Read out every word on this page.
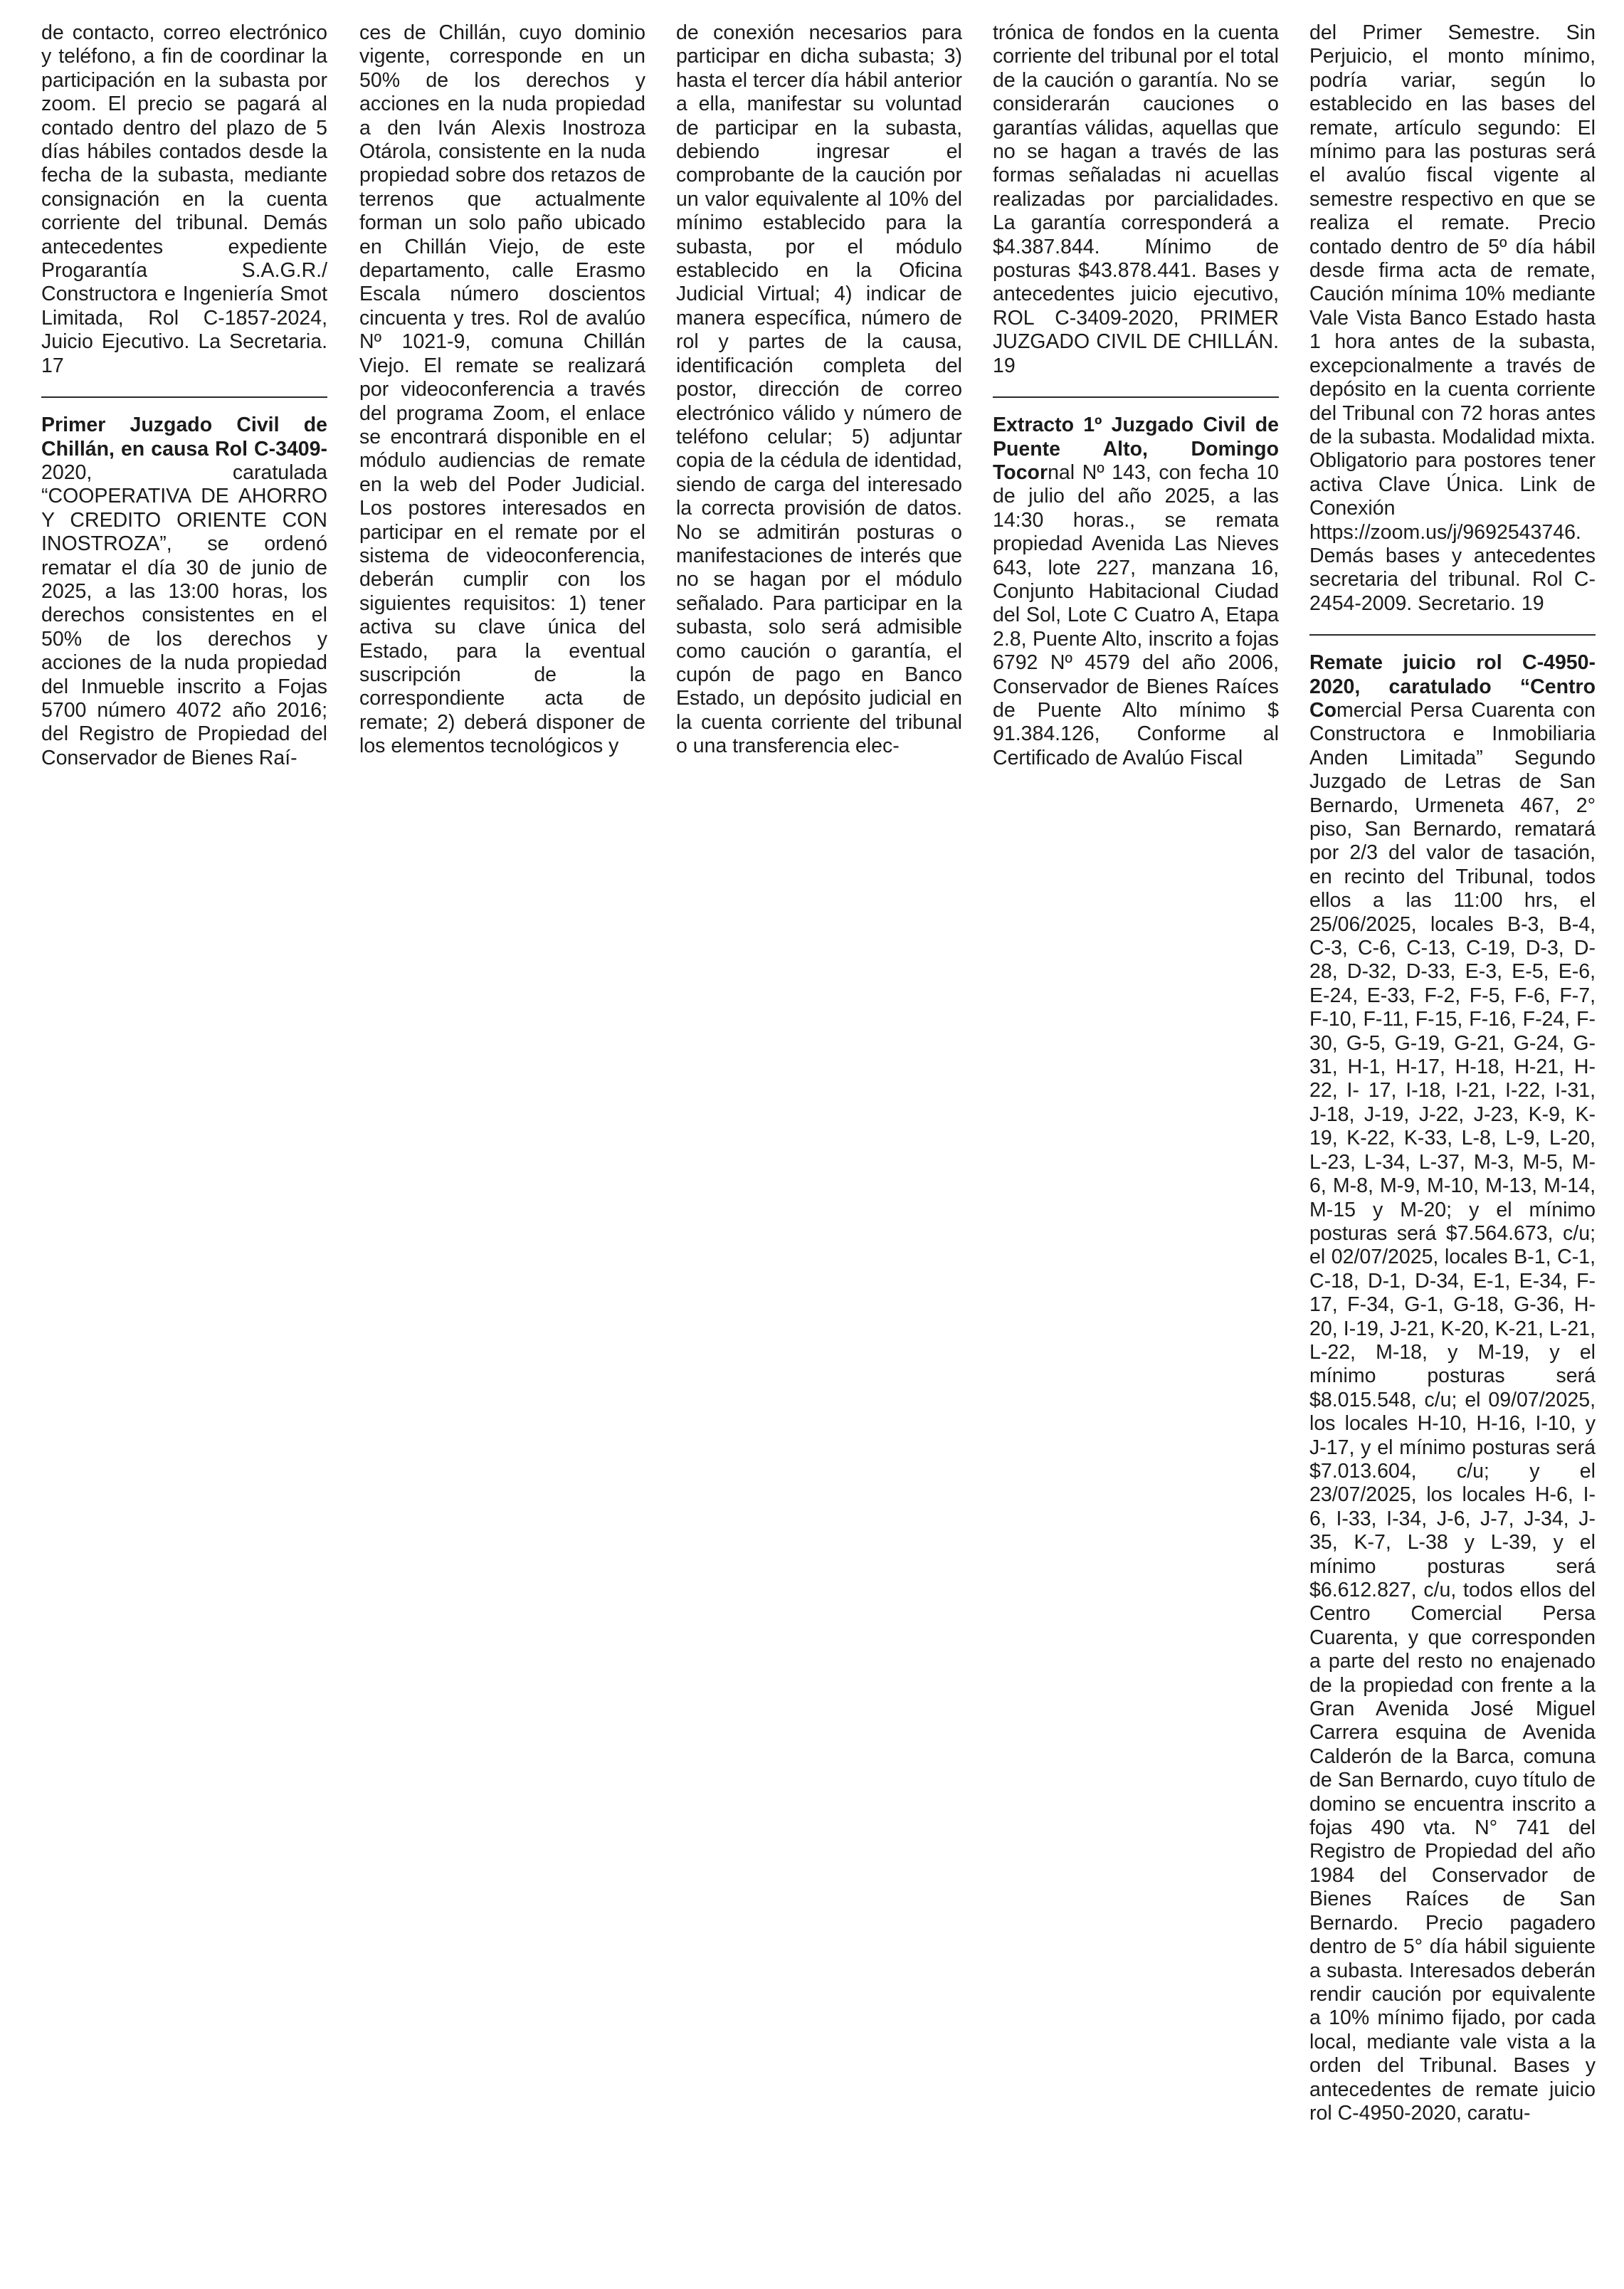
de contacto, correo electrónico y teléfono, a fin de coordinar la participación en la subasta por zoom. El precio se pagará al contado dentro del plazo de 5 días hábiles contados desde la fecha de la subasta, mediante consignación en la cuenta corriente del tribunal. Demás antecedentes expediente Progarantía S.A.G.R./ Constructora e Ingeniería Smot Limitada, Rol C-1857-2024, Juicio Ejecutivo. La Secretaria. 17

Primer Juzgado Civil de Chillán, en causa Rol C-3409-2020, caratulada “COOPERATIVA DE AHORRO Y CREDITO ORIENTE CON INOSTROZA”, se ordenó rematar el día 30 de junio de 2025, a las 13:00 horas, los derechos consistentes en el 50% de los derechos y acciones de la nuda propiedad del Inmueble inscrito a Fojas 5700 número 4072 año 2016; del Registro de Propiedad del Conservador de Bienes Raí-

ces de Chillán, cuyo dominio vigente, corresponde en un 50% de los derechos y acciones en la nuda propiedad a den Iván Alexis Inostroza Otárola, consistente en la nuda propiedad sobre dos retazos de terrenos que actualmente forman un solo paño ubicado en Chillán Viejo, de este departamento, calle Erasmo Escala número doscientos cincuenta y tres. Rol de avalúo Nº 1021-9, comuna Chillán Viejo. El remate se realizará por videoconferencia a través del programa Zoom, el enlace se encontrará disponible en el módulo audiencias de remate en la web del Poder Judicial. Los postores interesados en participar en el remate por el sistema de videoconferencia, deberán cumplir con los siguientes requisitos: 1) tener activa su clave única del Estado, para la eventual suscripción de la correspondiente acta de remate; 2) deberá disponer de los elementos tecnológicos y

de conexión necesarios para participar en dicha subasta; 3) hasta el tercer día hábil anterior a ella, manifestar su voluntad de participar en la subasta, debiendo ingresar el comprobante de la caución por un valor equivalente al 10% del mínimo establecido para la subasta, por el módulo establecido en la Oficina Judicial Virtual; 4) indicar de manera específica, número de rol y partes de la causa, identificación completa del postor, dirección de correo electrónico válido y número de teléfono celular; 5) adjuntar copia de la cédula de identidad, siendo de carga del interesado la correcta provisión de datos. No se admitirán posturas o manifestaciones de interés que no se hagan por el módulo señalado. Para participar en la subasta, solo será admisible como caución o garantía, el cupón de pago en Banco Estado, un depósito judicial en la cuenta corriente del tribunal o una transferencia elec-

trónica de fondos en la cuenta corriente del tribunal por el total de la caución o garantía. No se considerarán cauciones o garantías válidas, aquellas que no se hagan a través de las formas señaladas ni acuellas realizadas por parcialidades. La garantía corresponderá a $4.387.844. Mínimo de posturas $43.878.441. Bases y antecedentes juicio ejecutivo, ROL C-3409-2020, PRIMER JUZGADO CIVIL DE CHILLÁN. 19

Extracto 1º Juzgado Civil de Puente Alto, Domingo Tocornal Nº 143, con fecha 10 de julio del año 2025, a las 14:30 horas., se remata propiedad Avenida Las Nieves 643, lote 227, manzana 16, Conjunto Habitacional Ciudad del Sol, Lote C Cuatro A, Etapa 2.8, Puente Alto, inscrito a fojas 6792 Nº 4579 del año 2006, Conservador de Bienes Raíces de Puente Alto mínimo $ 91.384.126, Conforme al Certificado de Avalúo Fiscal

del Primer Semestre. Sin Perjuicio, el monto mínimo, podría variar, según lo establecido en las bases del remate, artículo segundo: El mínimo para las posturas será el avalúo fiscal vigente al semestre respectivo en que se realiza el remate. Precio contado dentro de 5º día hábil desde firma acta de remate, Caución mínima 10% mediante Vale Vista Banco Estado hasta 1 hora antes de la subasta, excepcionalmente a través de depósito en la cuenta corriente del Tribunal con 72 horas antes de la subasta. Modalidad mixta. Obligatorio para postores tener activa Clave Única. Link de Conexión https://zoom.us/j/9692543746. Demás bases y antecedentes secretaria del tribunal. Rol C-2454-2009. Secretario. 19

Remate juicio rol C-4950-2020, caratulado “Centro Comercial Persa Cuarenta con Constructora e Inmobiliaria Anden Limitada” Segundo Juzgado de Letras de San Bernardo, Urmeneta 467, 2° piso, San Bernardo, rematará por 2/3 del valor de tasación, en recinto del Tribunal, todos ellos a las 11:00 hrs, el 25/06/2025, locales B-3, B-4, C-3, C-6, C-13, C-19, D-3, D-28, D-32, D-33, E-3, E-5, E-6, E-24, E-33, F-2, F-5, F-6, F-7, F-10, F-11, F-15, F-16, F-24, F-30, G-5, G-19, G-21, G-24, G-31, H-1, H-17, H-18, H-21, H-22, I- 17, I-18, I-21, I-22, I-31, J-18, J-19, J-22, J-23, K-9, K-19, K-22, K-33, L-8, L-9, L-20, L-23, L-34, L-37, M-3, M-5, M-6, M-8, M-9, M-10, M-13, M-14, M-15 y M-20; y el mínimo posturas será $7.564.673, c/u; el 02/07/2025, locales B-1, C-1, C-18, D-1, D-34, E-1, E-34, F-17, F-34, G-1, G-18, G-36, H-20, I-19, J-21, K-20, K-21, L-21, L-22, M-18, y M-19, y el mínimo posturas será $8.015.548, c/u; el 09/07/2025, los locales H-10, H-16, I-10, y J-17, y el mínimo posturas será $7.013.604, c/u; y el 23/07/2025, los locales H-6, I-6, I-33, I-34, J-6, J-7, J-34, J- 35, K-7, L-38 y L-39, y el mínimo posturas será $6.612.827, c/u, todos ellos del Centro Comercial Persa Cuarenta, y que corresponden a parte del resto no enajenado de la propiedad con frente a la Gran Avenida José Miguel Carrera esquina de Avenida Calderón de la Barca, comuna de San Bernardo, cuyo título de domino se encuentra inscrito a fojas 490 vta. N° 741 del Registro de Propiedad del año 1984 del Conservador de Bienes Raíces de San Bernardo. Precio pagadero dentro de 5° día hábil siguiente a subasta. Interesados deberán rendir caución por equivalente a 10% mínimo fijado, por cada local, mediante vale vista a la orden del Tribunal. Bases y antecedentes de remate juicio rol C-4950-2020, caratu-
